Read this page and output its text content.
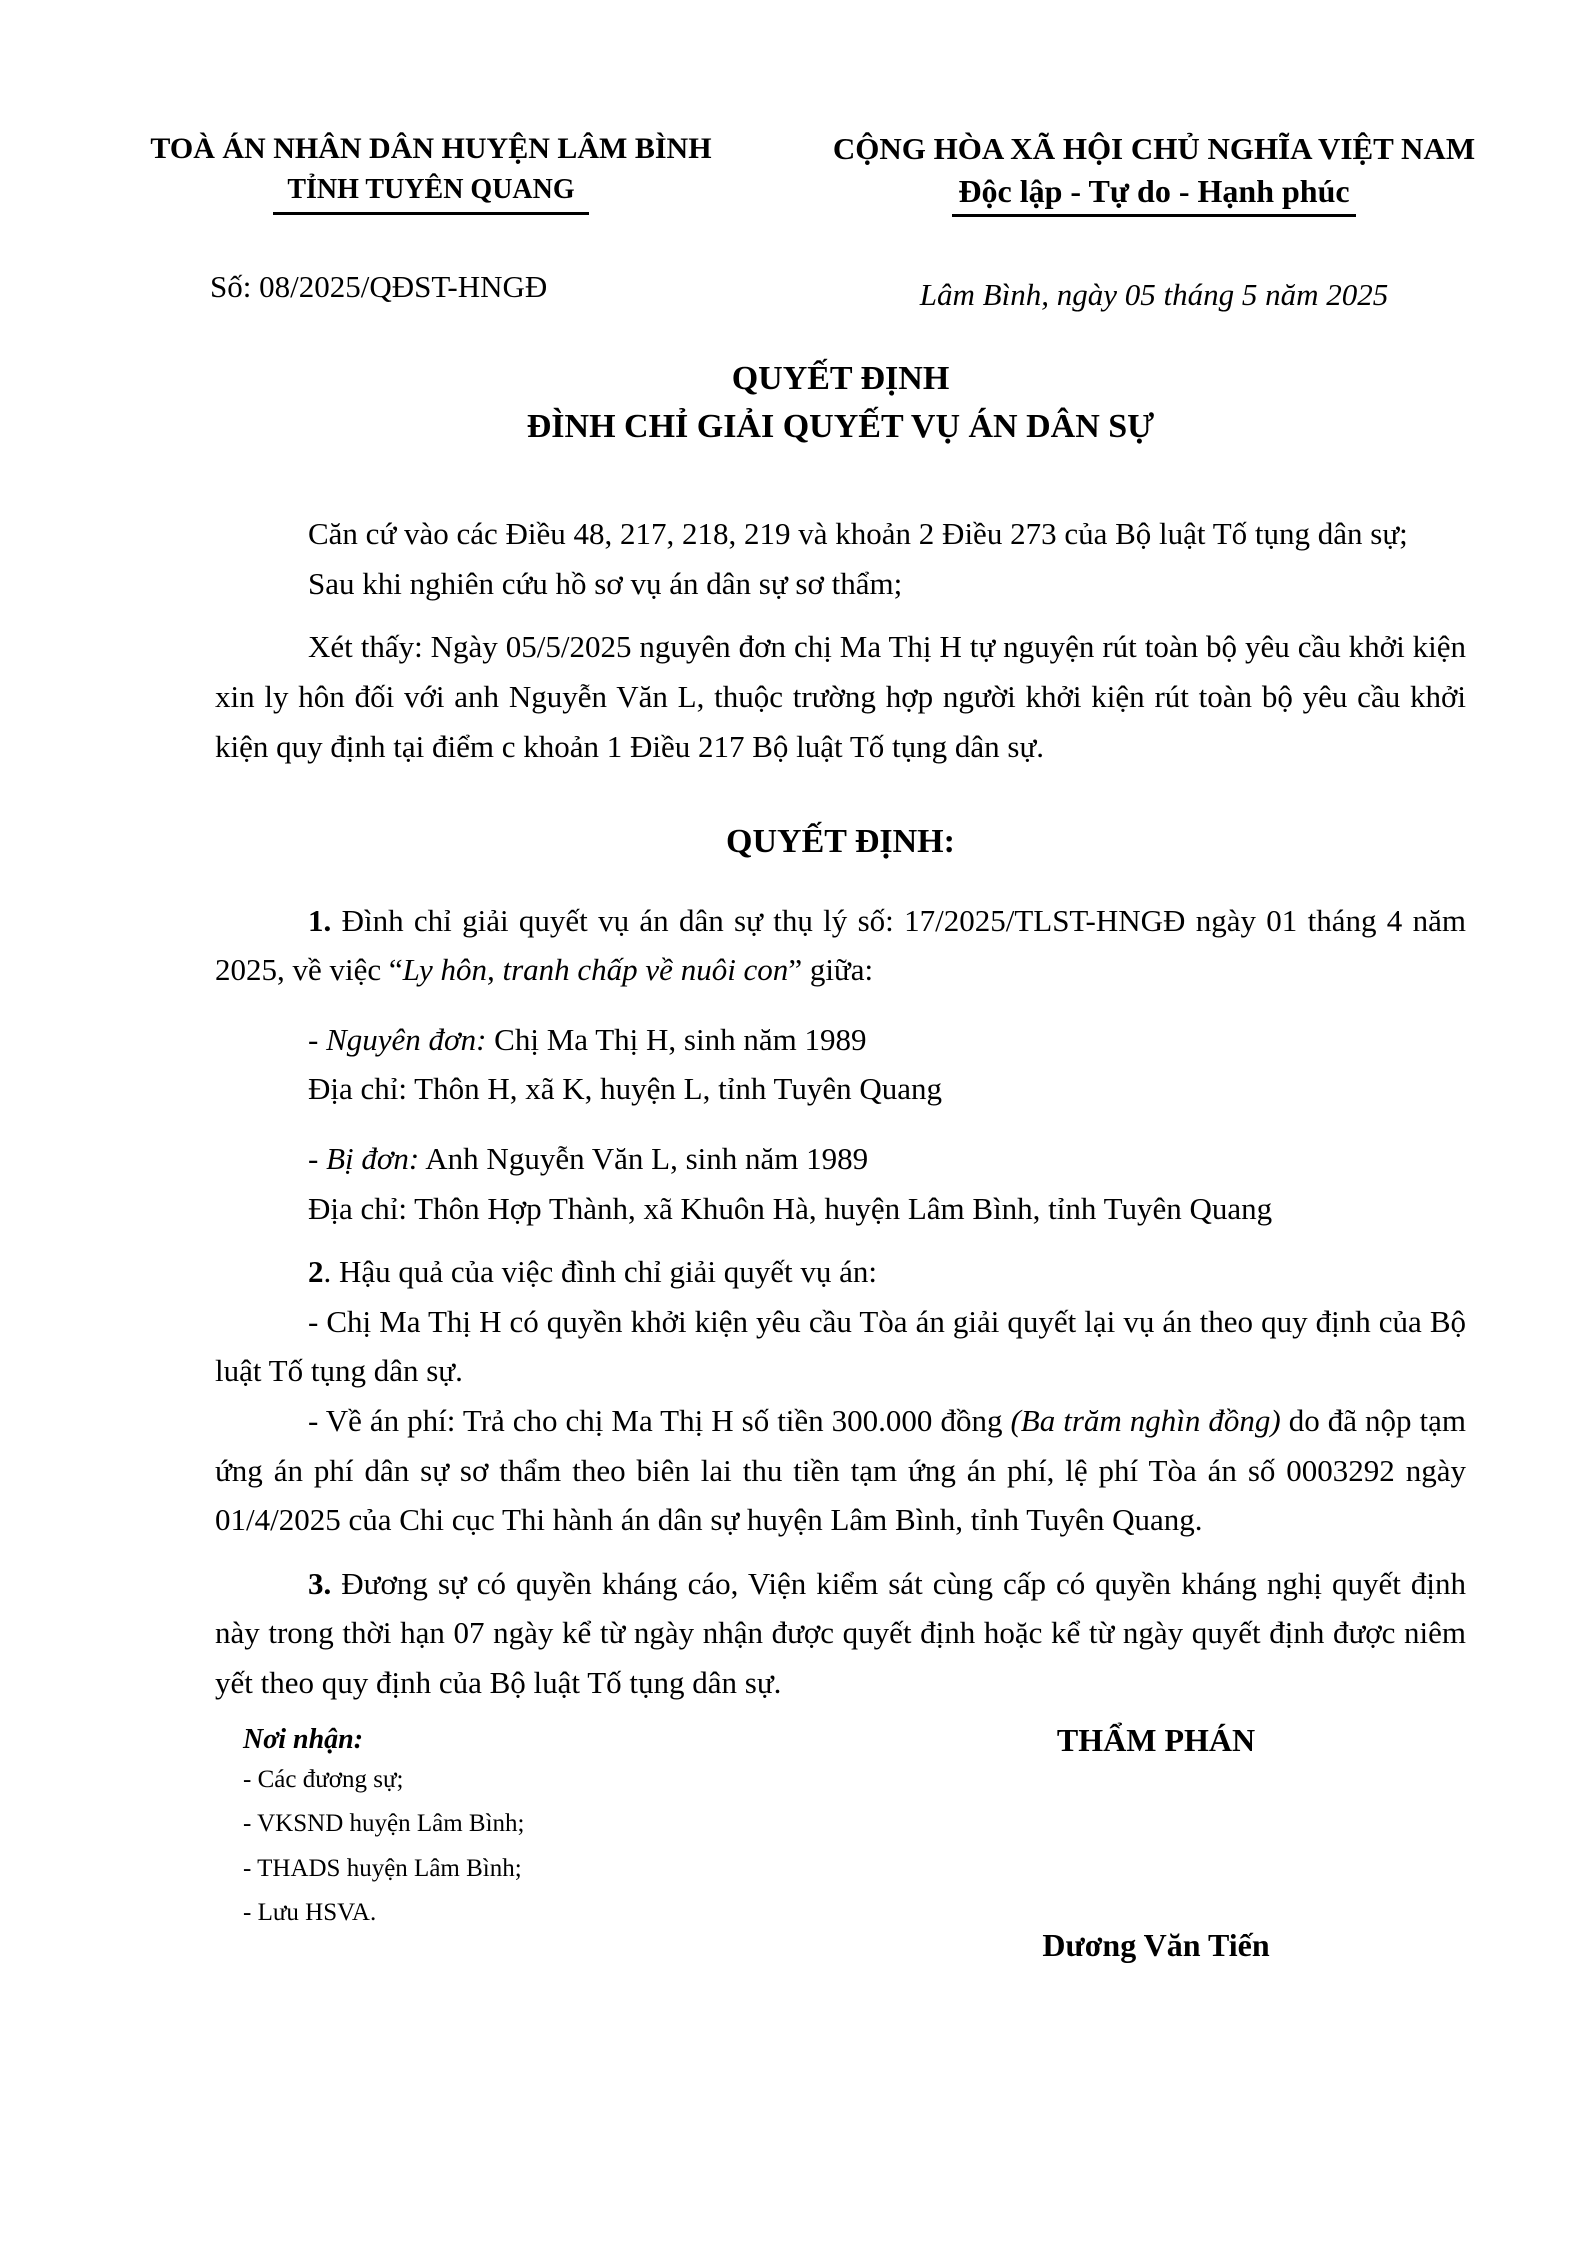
TOÀ ÁN NHÂN DÂN HUYỆN LÂM BÌNH
TỈNH TUYÊN QUANG
Số: 08/2025/QĐST-HNGĐ
CỘNG HÒA XÃ HỘI CHỦ NGHĨA VIỆT NAM
Độc lập - Tự do - Hạnh phúc
Lâm Bình, ngày 05 tháng 5 năm 2025
QUYẾT ĐỊNH
ĐÌNH CHỈ GIẢI QUYẾT VỤ ÁN DÂN SỰ

Căn cứ vào các Điều 48, 217, 218, 219 và khoản 2 Điều 273 của Bộ luật Tố tụng dân sự;

Sau khi nghiên cứu hồ sơ vụ án dân sự sơ thẩm;

Xét thấy: Ngày 05/5/2025 nguyên đơn chị Ma Thị H tự nguyện rút toàn bộ yêu cầu khởi kiện xin ly hôn đối với anh Nguyễn Văn L, thuộc trường hợp người khởi kiện rút toàn bộ yêu cầu khởi kiện quy định tại điểm c khoản 1 Điều 217 Bộ luật Tố tụng dân sự.

QUYẾT ĐỊNH:

1. Đình chỉ giải quyết vụ án dân sự thụ lý số: 17/2025/TLST-HNGĐ ngày 01 tháng 4 năm 2025, về việc “Ly hôn, tranh chấp về nuôi con” giữa:

- Nguyên đơn: Chị Ma Thị H, sinh năm 1989
Địa chỉ: Thôn H, xã K, huyện L, tỉnh Tuyên Quang
- Bị đơn: Anh Nguyễn Văn L, sinh năm 1989
Địa chỉ: Thôn Hợp Thành, xã Khuôn Hà, huyện Lâm Bình, tỉnh Tuyên Quang

2. Hậu quả của việc đình chỉ giải quyết vụ án:

- Chị Ma Thị H có quyền khởi kiện yêu cầu Tòa án giải quyết lại vụ án theo quy định của Bộ luật Tố tụng dân sự.

- Về án phí: Trả cho chị Ma Thị H số tiền 300.000 đồng (Ba trăm nghìn đồng) do đã nộp tạm ứng án phí dân sự sơ thẩm theo biên lai thu tiền tạm ứng án phí, lệ phí Tòa án số 0003292 ngày 01/4/2025 của Chi cục Thi hành án dân sự huyện Lâm Bình, tỉnh Tuyên Quang.

3. Đương sự có quyền kháng cáo, Viện kiểm sát cùng cấp có quyền kháng nghị quyết định này trong thời hạn 07 ngày kể từ ngày nhận được quyết định hoặc kể từ ngày quyết định được niêm yết theo quy định của Bộ luật Tố tụng dân sự.

Nơi nhận:
- Các đương sự;
- VKSND huyện Lâm Bình;
- THADS huyện Lâm Bình;
- Lưu HSVA.
THẨM PHÁN
Dương Văn Tiến
